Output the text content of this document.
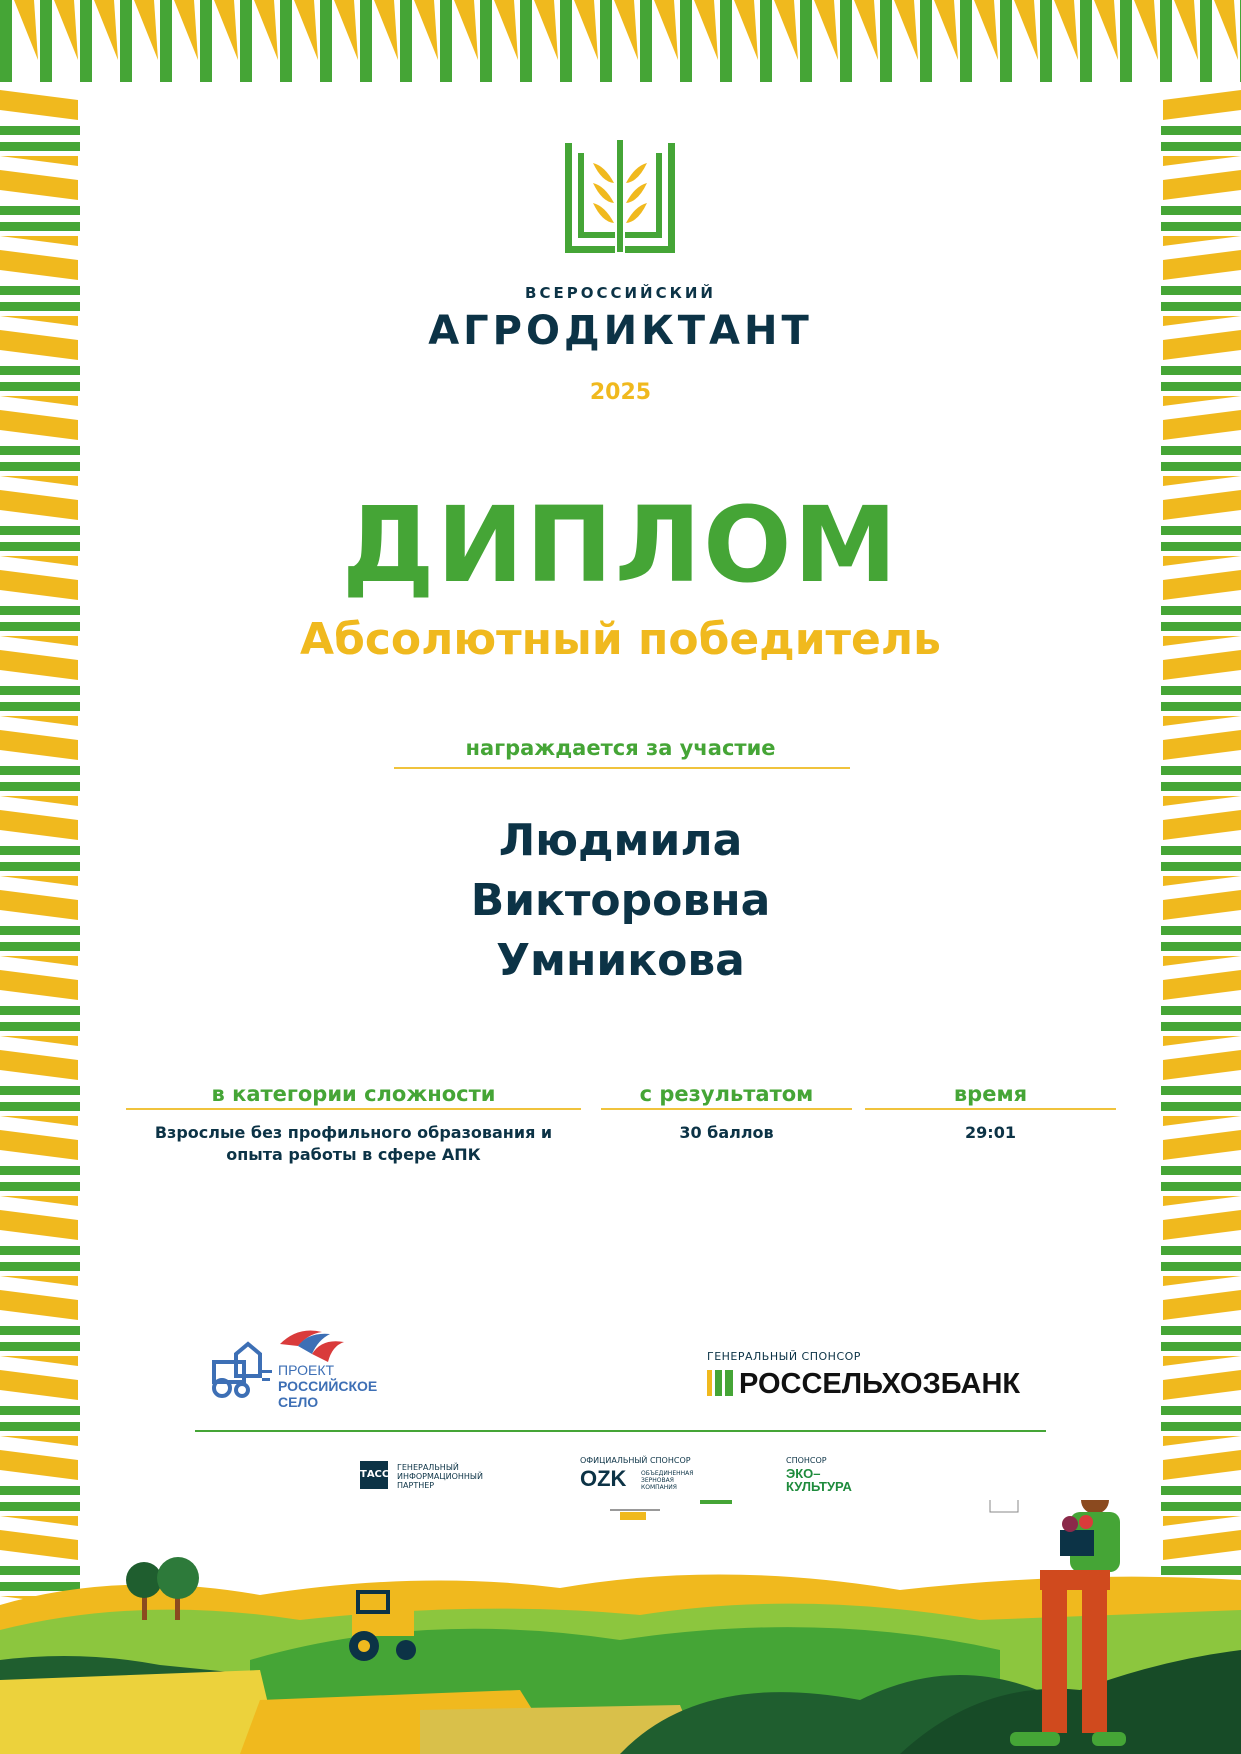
ВСЕРОССИЙСКИЙ
АГРОДИКТАНТ
2025
ДИПЛОМ
Абсолютный победитель
награждается за участие
Людмила
Викторовна
Умникова
в категории сложности
Взрослые без профильного образования и
опыта работы в сфере АПК
с результатом
30 баллов
время
29:01
ПРОЕКТ
РОССИЙСКОЕ
СЕЛО
ГЕНЕРАЛЬНЫЙ СПОНСОР
РОССЕЛЬХОЗБАНК
ТАСС
ГЕНЕРАЛЬНЫЙ
ИНФОРМАЦИОННЫЙ
ПАРТНЕР
ОФИЦИАЛЬНЫЙ СПОНСОР
OZK ОБЪЕДИНЕННАЯ
ЗЕРНОВАЯ
КОМПАНИЯ
СПОНСОР
ЭКО–
КУЛЬТУРА
